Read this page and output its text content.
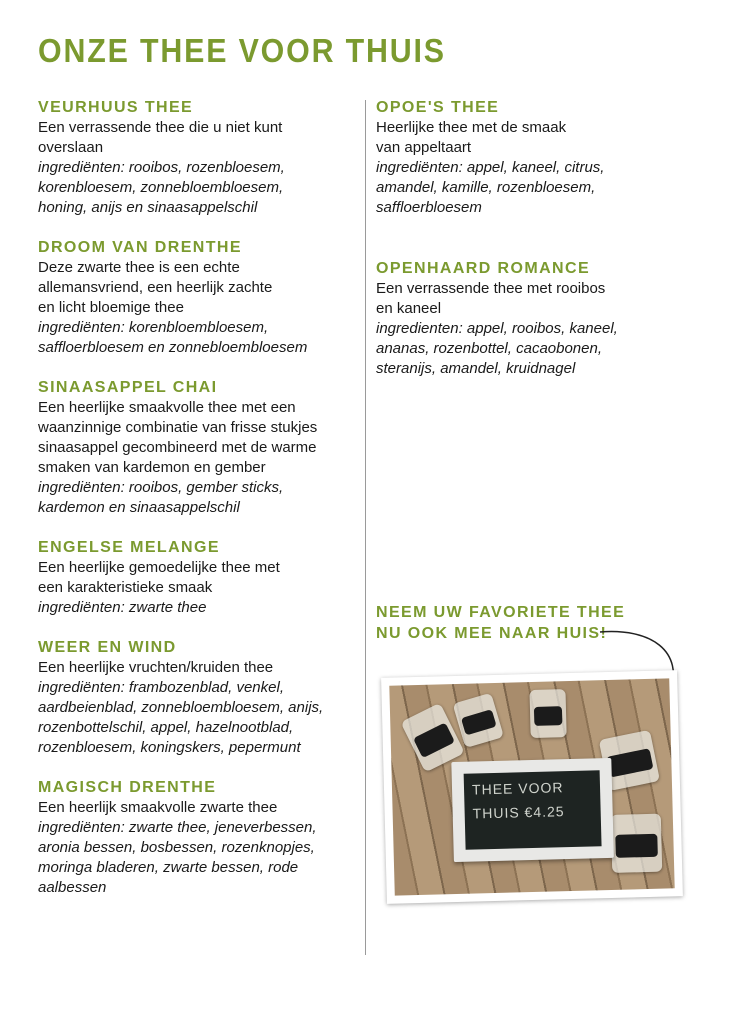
ONZE THEE VOOR THUIS
VEURHUUS THEE

Een verrassende thee die u niet kunt

overslaan

ingrediënten: rooibos, rozenbloesem,

korenbloesem, zonnebloembloesem,

honing, anijs en sinaasappelschil

DROOM VAN DRENTHE

Deze zwarte thee is een echte

allemansvriend, een heerlijk zachte

en licht bloemige thee

ingrediënten: korenbloembloesem,

saffloerbloesem en zonnebloembloesem

SINAASAPPEL CHAI

Een heerlijke smaakvolle thee met een

waanzinnige combinatie van frisse stukjes

sinaasappel gecombineerd met de warme

smaken van kardemon en gember

ingrediënten: rooibos, gember sticks,

kardemon en sinaasappelschil

ENGELSE MELANGE

Een heerlijke gemoedelijke thee met

een karakteristieke smaak

ingrediënten: zwarte thee

WEER EN WIND

Een heerlijke vruchten/kruiden thee

ingrediënten: frambozenblad, venkel,

aardbeienblad, zonnebloembloesem, anijs,

rozenbottelschil, appel, hazelnootblad,

rozenbloesem, koningskers, pepermunt

MAGISCH DRENTHE

Een heerlijk smaakvolle zwarte thee

ingrediënten: zwarte thee, jeneverbessen,

aronia bessen, bosbessen, rozenknopjes,

moringa bladeren, zwarte bessen, rode

aalbessen

OPOE'S THEE

Heerlijke thee met de smaak

van appeltaart

ingrediënten: appel, kaneel, citrus,

amandel, kamille, rozenbloesem,

saffloerbloesem

OPENHAARD ROMANCE

Een verrassende thee met rooibos

en kaneel

ingredienten: appel, rooibos, kaneel,

ananas, rozenbottel, cacaobonen,

steranijs, amandel, kruidnagel

NEEM UW FAVORIETE THEE
NU OOK MEE NAAR HUIS!
THEE VOOR
THUIS €4.25
